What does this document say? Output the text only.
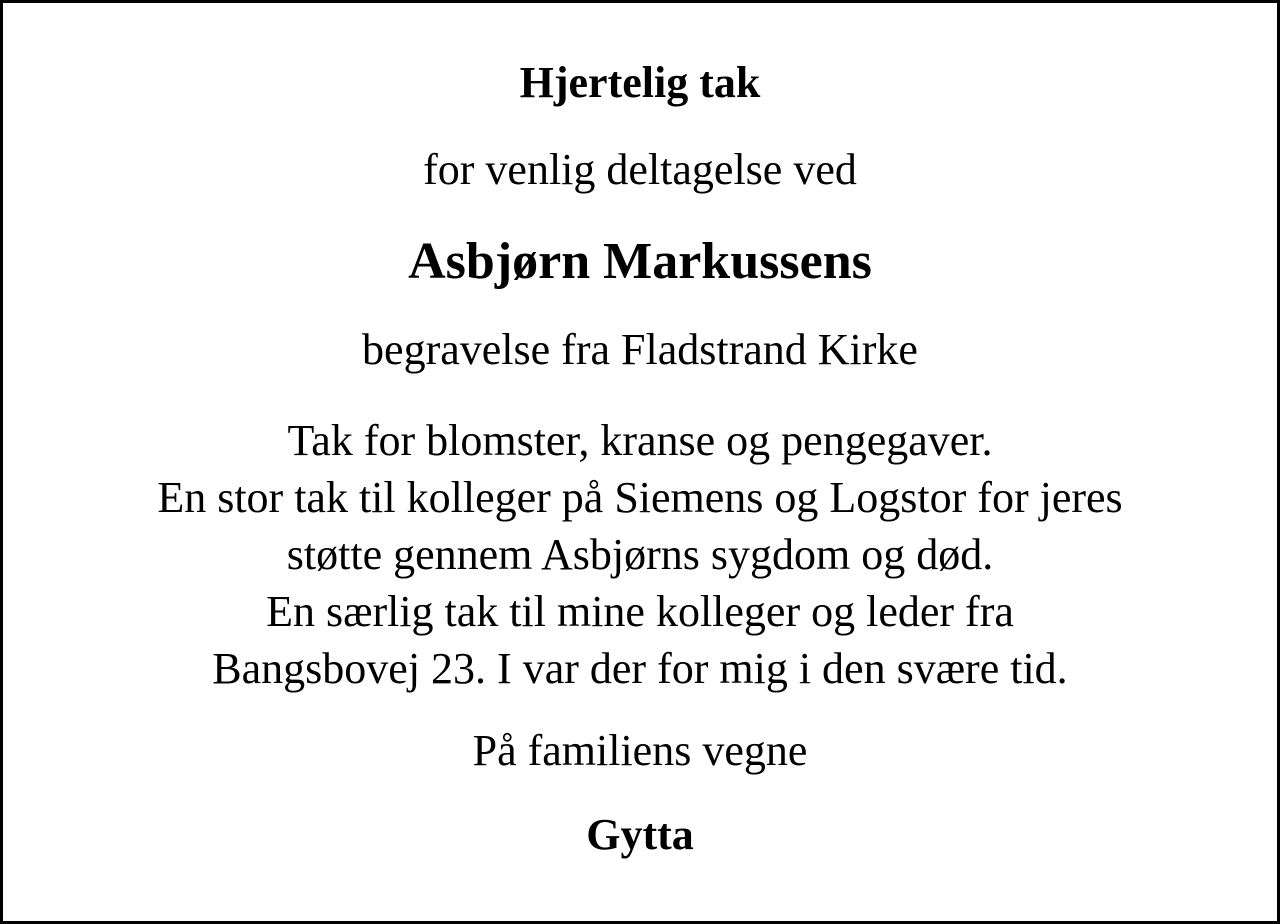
Hjertelig tak
for venlig deltagelse ved
Asbjørn Markussens
begravelse fra Fladstrand Kirke
Tak for blomster, kranse og pengegaver.
En stor tak til kolleger på Siemens og Logstor for jeres
støtte gennem Asbjørns sygdom og død.
En særlig tak til mine kolleger og leder fra
Bangsbovej 23. I var der for mig i den svære tid.
På familiens vegne
Gytta
